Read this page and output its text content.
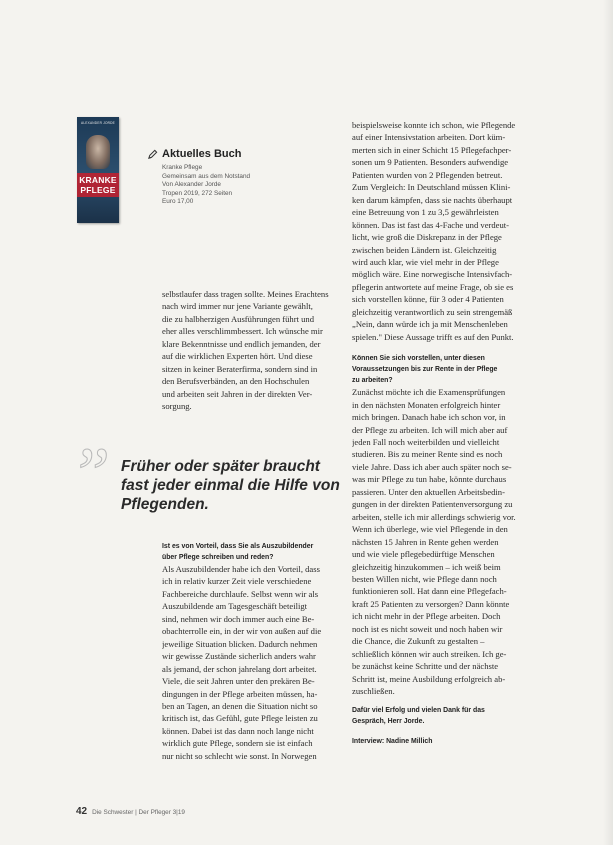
ALEXANDER JORDE
KRANKE
PFLEGE
Aktuelles Buch
Kranke Pflege
Gemeinsam aus dem Notstand
Von Alexander Jorde
Tropen 2019, 272 Seiten
Euro 17,00
selbstlaufer dass tragen sollte. Meines Erachtens
nach wird immer nur jene Variante gewählt,
die zu halbherzigen Ausführungen führt und
eher alles verschlimmbessert. Ich wünsche mir
klare Bekenntnisse und endlich jemanden, der
auf die wirklichen Experten hört. Und diese
sitzen in keiner Beraterfirma, sondern sind in
den Berufsverbänden, an den Hochschulen
und arbeiten seit Jahren in der direkten Ver-
sorgung.
” Früher oder später braucht
fast jeder einmal die Hilfe von
Pflegenden.
Ist es von Vorteil, dass Sie als Auszubildender
über Pflege schreiben und reden?
Als Auszubildender habe ich den Vorteil, dass
ich in relativ kurzer Zeit viele verschiedene
Fachbereiche durchlaufe. Selbst wenn wir als
Auszubildende am Tagesgeschäft beteiligt
sind, nehmen wir doch immer auch eine Be-
obachterrolle ein, in der wir von außen auf die
jeweilige Situation blicken. Dadurch nehmen
wir gewisse Zustände sicherlich anders wahr
als jemand, der schon jahrelang dort arbeitet.
Viele, die seit Jahren unter den prekären Be-
dingungen in der Pflege arbeiten müssen, ha-
ben an Tagen, an denen die Situation nicht so
kritisch ist, das Gefühl, gute Pflege leisten zu
können. Dabei ist das dann noch lange nicht
wirklich gute Pflege, sondern sie ist einfach
nur nicht so schlecht wie sonst. In Norwegen
beispielsweise konnte ich schon, wie Pflegende
auf einer Intensivstation arbeiten. Dort küm-
merten sich in einer Schicht 15 Pflegefachper-
sonen um 9 Patienten. Besonders aufwendige
Patienten wurden von 2 Pflegenden betreut.
Zum Vergleich: In Deutschland müssen Klini-
ken darum kämpfen, dass sie nachts überhaupt
eine Betreuung von 1 zu 3,5 gewährleisten
können. Das ist fast das 4-Fache und verdeut-
licht, wie groß die Diskrepanz in der Pflege
zwischen beiden Ländern ist. Gleichzeitig
wird auch klar, wie viel mehr in der Pflege
möglich wäre. Eine norwegische Intensivfach-
pflegerin antwortete auf meine Frage, ob sie es
sich vorstellen könne, für 3 oder 4 Patienten
gleichzeitig verantwortlich zu sein strengemäß
„Nein, dann würde ich ja mit Menschenleben
spielen." Diese Aussage trifft es auf den Punkt.
Können Sie sich vorstellen, unter diesen
Voraussetzungen bis zur Rente in der Pflege
zu arbeiten?
Zunächst möchte ich die Examensprüfungen
in den nächsten Monaten erfolgreich hinter
mich bringen. Danach habe ich schon vor, in
der Pflege zu arbeiten. Ich will mich aber auf
jeden Fall noch weiterbilden und vielleicht
studieren. Bis zu meiner Rente sind es noch
viele Jahre. Dass ich aber auch später noch se-
was mir Pflege zu tun habe, könnte durchaus
passieren. Unter den aktuellen Arbeitsbedin-
gungen in der direkten Patientenversorgung zu
arbeiten, stelle ich mir allerdings schwierig vor.
Wenn ich überlege, wie viel Pflegende in den
nächsten 15 Jahren in Rente gehen werden
und wie viele pflegebedürftige Menschen
gleichzeitig hinzukommen – ich weiß beim
besten Willen nicht, wie Pflege dann noch
funktionieren soll. Hat dann eine Pflegefach-
kraft 25 Patienten zu versorgen? Dann könnte
ich nicht mehr in der Pflege arbeiten. Doch
noch ist es nicht soweit und noch haben wir
die Chance, die Zukunft zu gestalten –
schließlich können wir auch streiken. Ich ge-
be zunächst keine Schritte und der nächste
Schritt ist, meine Ausbildung erfolgreich ab-
zuschließen.
Dafür viel Erfolg und vielen Dank für das
Gespräch, Herr Jorde.
Interview: Nadine Millich
42 Die Schwester | Der Pfleger 3|19
